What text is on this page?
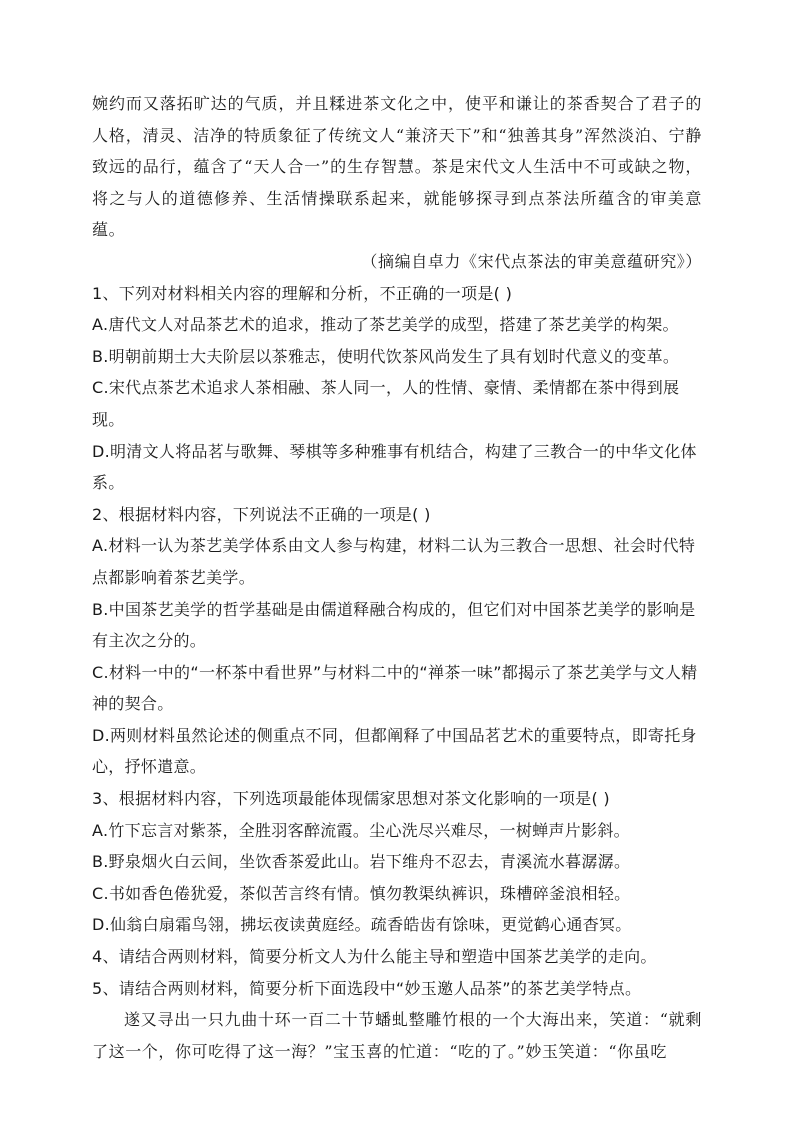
婉约而又落拓旷达的气质，并且糅进茶文化之中，使平和谦让的茶香契合了君子的人格，清灵、洁净的特质象征了传统文人“兼济天下”和“独善其身”浑然淡泊、宁静致远的品行，蕴含了“天人合一”的生存智慧。茶是宋代文人生活中不可或缺之物，将之与人的道德修养、生活情操联系起来，就能够探寻到点茶法所蕴含的审美意蕴。

（摘编自卓力《宋代点茶法的审美意蕴研究》）

1、下列对材料相关内容的理解和分析，不正确的一项是( )

A.唐代文人对品茶艺术的追求，推动了茶艺美学的成型，搭建了茶艺美学的构架。

B.明朝前期士大夫阶层以茶雅志，使明代饮茶风尚发生了具有划时代意义的变革。

C.宋代点茶艺术追求人茶相融、茶人同一，人的性情、豪情、柔情都在茶中得到展现。

D.明清文人将品茗与歌舞、琴棋等多种雅事有机结合，构建了三教合一的中华文化体系。

2、根据材料内容，下列说法不正确的一项是( )

A.材料一认为茶艺美学体系由文人参与构建，材料二认为三教合一思想、社会时代特点都影响着茶艺美学。

B.中国茶艺美学的哲学基础是由儒道释融合构成的，但它们对中国茶艺美学的影响是有主次之分的。

C.材料一中的“一杯茶中看世界”与材料二中的“禅茶一味”都揭示了茶艺美学与文人精神的契合。

D.两则材料虽然论述的侧重点不同，但都阐释了中国品茗艺术的重要特点，即寄托身心，抒怀遣意。

3、根据材料内容，下列选项最能体现儒家思想对茶文化影响的一项是( )

A.竹下忘言对紫茶，全胜羽客醉流霞。尘心洗尽兴难尽，一树蝉声片影斜。

B.野泉烟火白云间，坐饮香茶爱此山。岩下维舟不忍去，青溪流水暮潺潺。

C.书如香色倦犹爱，茶似苦言终有情。慎勿教渠纨裤识，珠槽碎釜浪相轻。

D.仙翁白扇霜鸟翎，拂坛夜读黄庭经。疏香皓齿有馀味，更觉鹤心通杳冥。

4、请结合两则材料，简要分析文人为什么能主导和塑造中国茶艺美学的走向。

5、请结合两则材料，简要分析下面选段中“妙玉邀人品茶”的茶艺美学特点。

遂又寻出一只九曲十环一百二十节蟠虬整雕竹根的一个大海出来，笑道：“就剩了这一个，你可吃得了这一海？”宝玉喜的忙道：“吃的了。”妙玉笑道：“你虽吃
